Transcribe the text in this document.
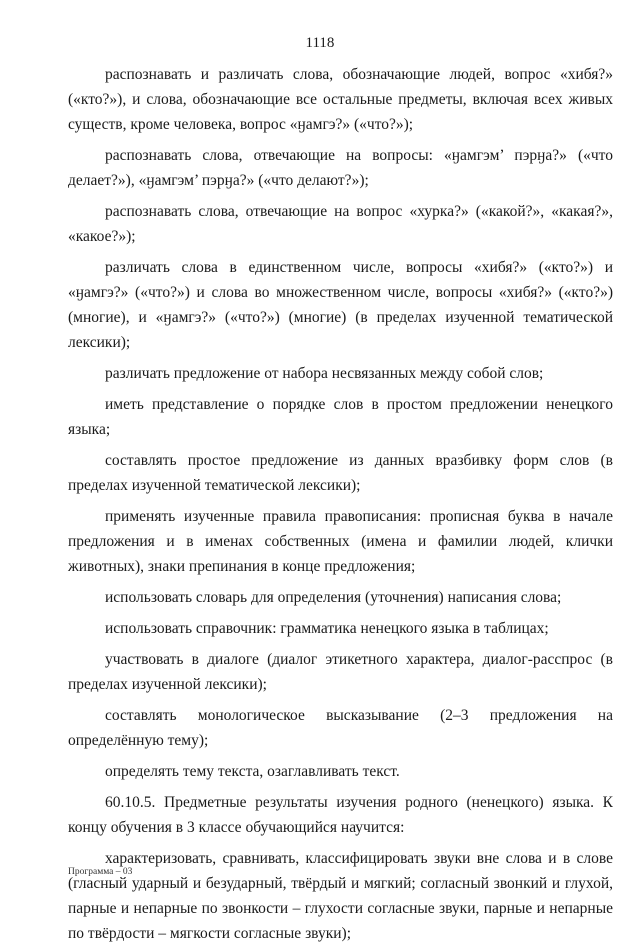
1118

распознавать и различать слова, обозначающие людей, вопрос «хибя?» («кто?»), и слова, обозначающие все остальные предметы, включая всех живых существ, кроме человека, вопрос «ӈамгэ?» («что?»);

распознавать слова, отвечающие на вопросы: «ӈамгэм’ пэрӈа?» («что делает?»), «ӈамгэм’ пэрӈа?» («что делают?»);

распознавать слова, отвечающие на вопрос «хурка?» («какой?», «какая?», «какое?»);

различать слова в единственном числе, вопросы «хибя?» («кто?») и «ӈамгэ?» («что?») и слова во множественном числе, вопросы «хибя?» («кто?») (многие), и «ӈамгэ?» («что?») (многие) (в пределах изученной тематической лексики);

различать предложение от набора несвязанных между собой слов;

иметь представление о порядке слов в простом предложении ненецкого языка;

составлять простое предложение из данных вразбивку форм слов (в пределах изученной тематической лексики);

применять изученные правила правописания: прописная буква в начале предложения и в именах собственных (имена и фамилии людей, клички животных), знаки препинания в конце предложения;

использовать словарь для определения (уточнения) написания слова;

использовать справочник: грамматика ненецкого языка в таблицах;

участвовать в диалоге (диалог этикетного характера, диалог-расспрос (в пределах изученной лексики);

составлять монологическое высказывание (2–3 предложения на определённую тему);

определять тему текста, озаглавливать текст.

60.10.5. Предметные результаты изучения родного (ненецкого) языка. К концу обучения в 3 классе обучающийся научится:

характеризовать, сравнивать, классифицировать звуки вне слова и в слове (гласный ударный и безударный, твёрдый и мягкий; согласный звонкий и глухой, парные и непарные по звонкости – глухости согласные звуки, парные и непарные по твёрдости – мягкости согласные звуки);

Программа – 03
